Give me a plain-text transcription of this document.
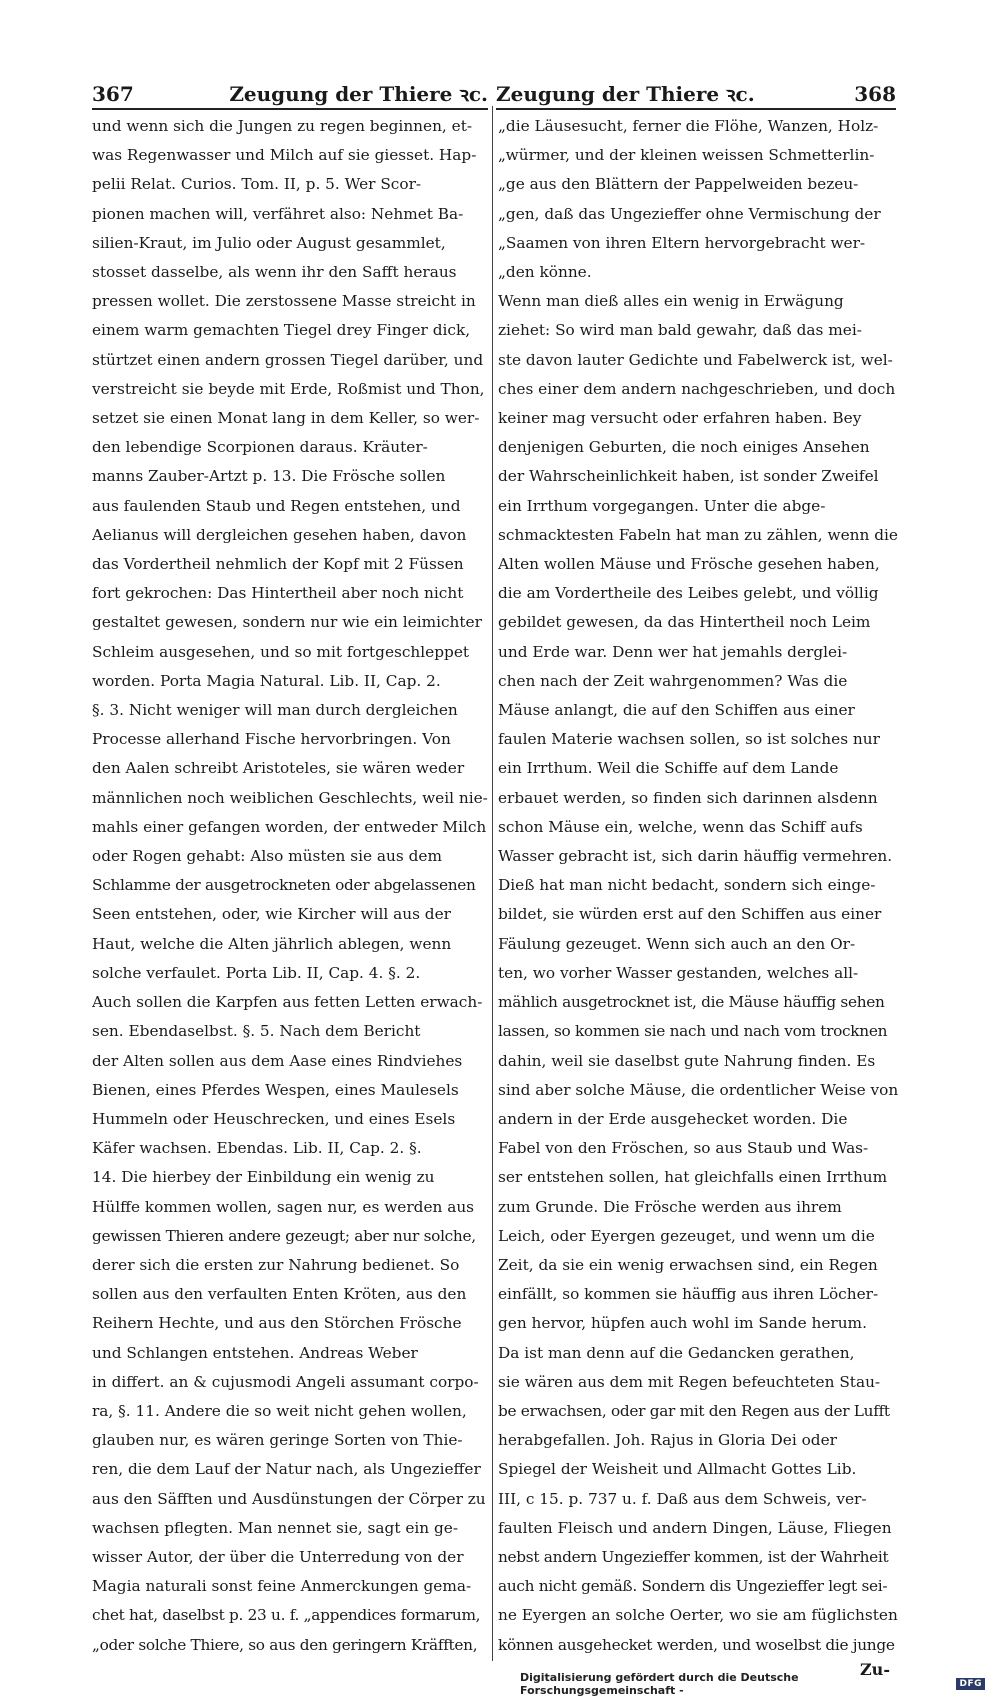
367	Zeugung der Thiere ꝛc. Zeugung der Thiere ꝛc.	368
und wenn sich die Jungen zu regen beginnen, et-
was Regenwasser und Milch auf sie giesset. Hap-
pelii Relat. Curios. Tom. II, p. 5. Wer Scor-
pionen machen will, verfähret also: Nehmet Ba-
silien-Kraut, im Julio oder August gesammlet,
stosset dasselbe, als wenn ihr den Safft heraus
pressen wollet. Die zerstossene Masse streicht in
einem warm gemachten Tiegel drey Finger dick,
stürtzet einen andern grossen Tiegel darüber, und
verstreicht sie beyde mit Erde, Roßmist und Thon,
setzet sie einen Monat lang in dem Keller, so wer-
den lebendige Scorpionen daraus. Kräuter-
manns Zauber-Artzt p. 13. Die Frösche sollen
aus faulenden Staub und Regen entstehen, und
Aelianus will dergleichen gesehen haben, davon
das Vordertheil nehmlich der Kopf mit 2 Füssen
fort gekrochen: Das Hintertheil aber noch nicht
gestaltet gewesen, sondern nur wie ein leimichter
Schleim ausgesehen, und so mit fortgeschleppet
worden. Porta Magia Natural. Lib. II, Cap. 2.
§. 3. Nicht weniger will man durch dergleichen
Processe allerhand Fische hervorbringen. Von
den Aalen schreibt Aristoteles, sie wären weder
männlichen noch weiblichen Geschlechts, weil nie-
mahls einer gefangen worden, der entweder Milch
oder Rogen gehabt: Also müsten sie aus dem
Schlamme der ausgetrockneten oder abgelassenen
Seen entstehen, oder, wie Kircher will aus der
Haut, welche die Alten jährlich ablegen, wenn
solche verfaulet. Porta Lib. II, Cap. 4. §. 2.
Auch sollen die Karpfen aus fetten Letten erwach-
sen. Ebendaselbst. §. 5. Nach dem Bericht
der Alten sollen aus dem Aase eines Rindviehes
Bienen, eines Pferdes Wespen, eines Maulesels
Hummeln oder Heuschrecken, und eines Esels
Käfer wachsen. Ebendas. Lib. II, Cap. 2. §.
14. Die hierbey der Einbildung ein wenig zu
Hülffe kommen wollen, sagen nur, es werden aus
gewissen Thieren andere gezeugt; aber nur solche,
derer sich die ersten zur Nahrung bedienet. So
sollen aus den verfaulten Enten Kröten, aus den
Reihern Hechte, und aus den Störchen Frösche
und Schlangen entstehen. Andreas Weber
in differt. an & cujusmodi Angeli assumant corpo-
ra, §. 11. Andere die so weit nicht gehen wollen,
glauben nur, es wären geringe Sorten von Thie-
ren, die dem Lauf der Natur nach, als Ungezieffer
aus den Säfften und Ausdünstungen der Cörper zu
wachsen pflegten. Man nennet sie, sagt ein ge-
wisser Autor, der über die Unterredung von der
Magia naturali sonst feine Anmerckungen gema-
chet hat, daselbst p. 23 u. f. „appendices formarum,
„oder solche Thiere, so aus den geringern Kräfften,
„die Läusesucht, ferner die Flöhe, Wanzen, Holz-
„würmer, und der kleinen weissen Schmetterlin-
„ge aus den Blättern der Pappelweiden bezeu-
„gen, daß das Ungezieffer ohne Vermischung der
„Saamen von ihren Eltern hervorgebracht wer-
„den könne.
Wenn man dieß alles ein wenig in Erwägung
ziehet: So wird man bald gewahr, daß das mei-
ste davon lauter Gedichte und Fabelwerck ist, wel-
ches einer dem andern nachgeschrieben, und doch
keiner mag versucht oder erfahren haben. Bey
denjenigen Geburten, die noch einiges Ansehen
der Wahrscheinlichkeit haben, ist sonder Zweifel
ein Irrthum vorgegangen. Unter die abge-
schmacktesten Fabeln hat man zu zählen, wenn die
Alten wollen Mäuse und Frösche gesehen haben,
die am Vordertheile des Leibes gelebt, und völlig
gebildet gewesen, da das Hintertheil noch Leim
und Erde war. Denn wer hat jemahls derglei-
chen nach der Zeit wahrgenommen? Was die
Mäuse anlangt, die auf den Schiffen aus einer
faulen Materie wachsen sollen, so ist solches nur
ein Irrthum. Weil die Schiffe auf dem Lande
erbauet werden, so finden sich darinnen alsdenn
schon Mäuse ein, welche, wenn das Schiff aufs
Wasser gebracht ist, sich darin häuffig vermehren.
Dieß hat man nicht bedacht, sondern sich einge-
bildet, sie würden erst auf den Schiffen aus einer
Fäulung gezeuget. Wenn sich auch an den Or-
ten, wo vorher Wasser gestanden, welches all-
mählich ausgetrocknet ist, die Mäuse häuffig sehen
lassen, so kommen sie nach und nach vom trocknen
dahin, weil sie daselbst gute Nahrung finden. Es
sind aber solche Mäuse, die ordentlicher Weise von
andern in der Erde ausgehecket worden. Die
Fabel von den Fröschen, so aus Staub und Was-
ser entstehen sollen, hat gleichfalls einen Irrthum
zum Grunde. Die Frösche werden aus ihrem
Leich, oder Eyergen gezeuget, und wenn um die
Zeit, da sie ein wenig erwachsen sind, ein Regen
einfällt, so kommen sie häuffig aus ihren Löcher-
gen hervor, hüpfen auch wohl im Sande herum.
Da ist man denn auf die Gedancken gerathen,
sie wären aus dem mit Regen befeuchteten Stau-
be erwachsen, oder gar mit den Regen aus der Lufft
herabgefallen. Joh. Rajus in Gloria Dei oder
Spiegel der Weisheit und Allmacht Gottes Lib.
III, c 15. p. 737 u. f. Daß aus dem Schweis, ver-
faulten Fleisch und andern Dingen, Läuse, Fliegen
nebst andern Ungezieffer kommen, ist der Wahrheit
auch nicht gemäß. Sondern dis Ungezieffer legt sei-
ne Eyergen an solche Oerter, wo sie am füglichsten
können ausgehecket werden, und woselbst die junge
Zu-
Digitalisierung gefördert durch die Deutsche Forschungsgemeinschaft -	DFG
